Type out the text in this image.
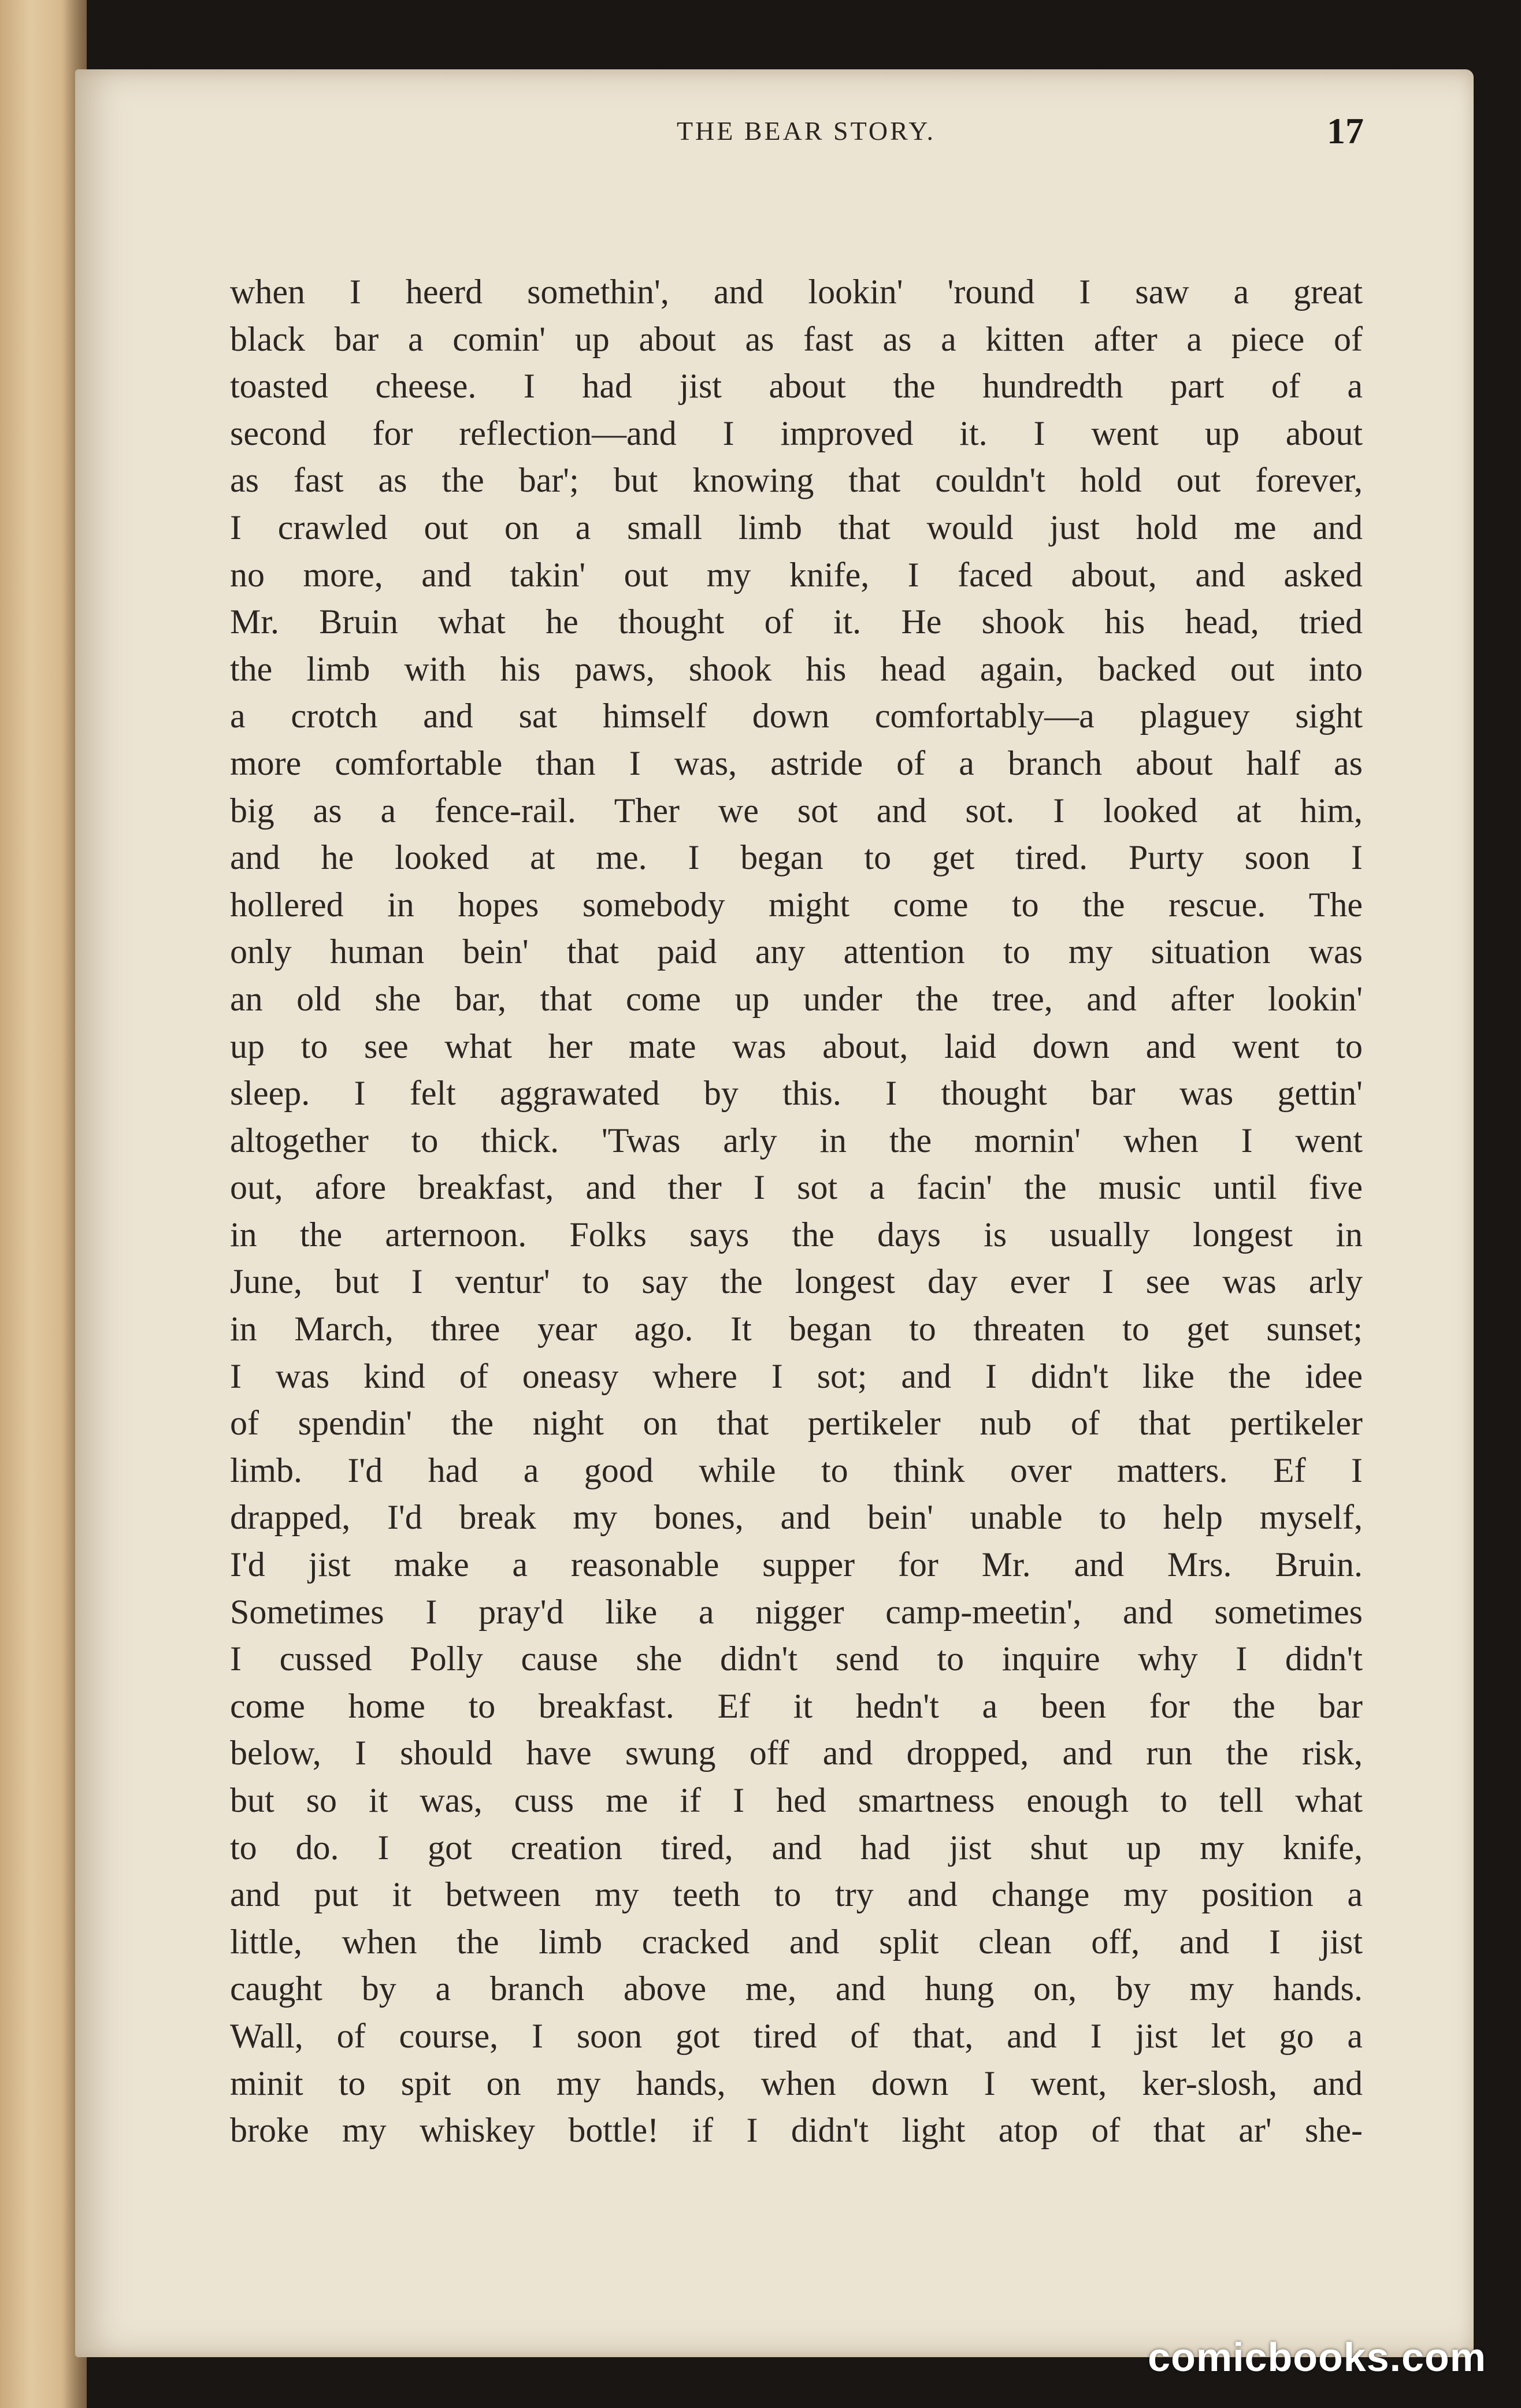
THE BEAR STORY.	17
when I heerd somethin', and lookin' 'round I saw a great
black bar a comin' up about as fast as a kitten after a piece of
toasted cheese. I had jist about the hundredth part of a
second for reflection—and I improved it. I went up about
as fast as the bar'; but knowing that couldn't hold out forever,
I crawled out on a small limb that would just hold me and
no more, and takin' out my knife, I faced about, and asked
Mr. Bruin what he thought of it. He shook his head, tried
the limb with his paws, shook his head again, backed out into
a crotch and sat himself down comfortably—a plaguey sight
more comfortable than I was, astride of a branch about half as
big as a fence-rail. Ther we sot and sot. I looked at him,
and he looked at me. I began to get tired. Purty soon I
hollered in hopes somebody might come to the rescue. The
only human bein' that paid any attention to my situation was
an old she bar, that come up under the tree, and after lookin'
up to see what her mate was about, laid down and went to
sleep. I felt aggrawated by this. I thought bar was gettin'
altogether to thick. 'Twas arly in the mornin' when I went
out, afore breakfast, and ther I sot a facin' the music until five
in the arternoon. Folks says the days is usually longest in
June, but I ventur' to say the longest day ever I see was arly
in March, three year ago. It began to threaten to get sunset;
I was kind of oneasy where I sot; and I didn't like the idee
of spendin' the night on that pertikeler nub of that pertikeler
limb. I'd had a good while to think over matters. Ef I
drapped, I'd break my bones, and bein' unable to help myself,
I'd jist make a reasonable supper for Mr. and Mrs. Bruin.
Sometimes I pray'd like a nigger camp-meetin', and sometimes
I cussed Polly cause she didn't send to inquire why I didn't
come home to breakfast. Ef it hedn't a been for the bar
below, I should have swung off and dropped, and run the risk,
but so it was, cuss me if I hed smartness enough to tell what
to do. I got creation tired, and had jist shut up my knife,
and put it between my teeth to try and change my position a
little, when the limb cracked and split clean off, and I jist
caught by a branch above me, and hung on, by my hands.
Wall, of course, I soon got tired of that, and I jist let go a
minit to spit on my hands, when down I went, ker-slosh, and
broke my whiskey bottle! if I didn't light atop of that ar' she-
comicbooks.com
